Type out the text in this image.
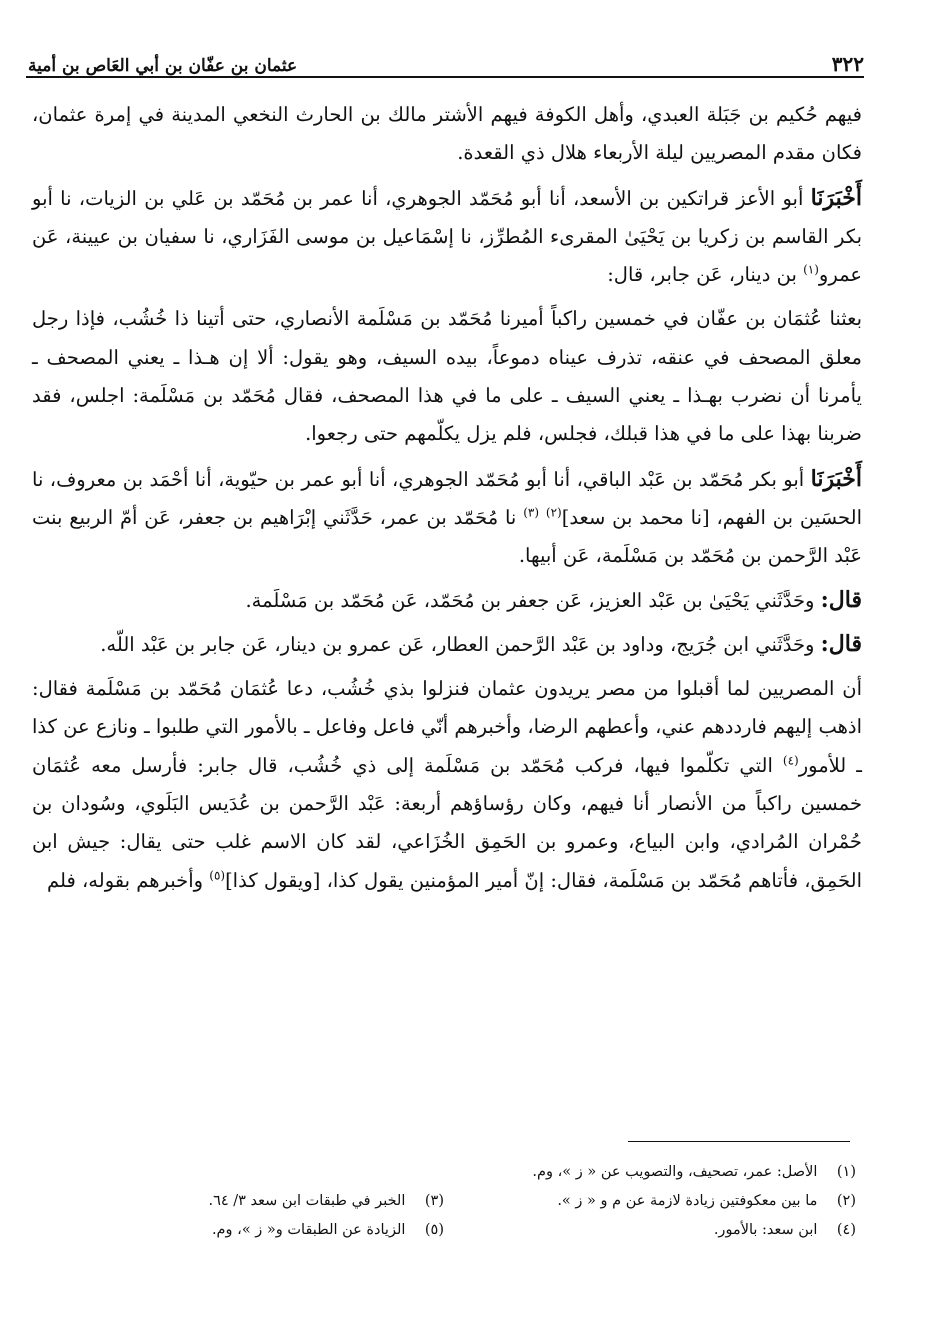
٣٢٢
عثمان بن عفّان بن أبي العَاص بن أمية

فيهم حُكيم بن جَبَلة العبدي، وأهل الكوفة فيهم الأشتر مالك بن الحارث النخعي المدينة في إمرة عثمان، فكان مقدم المصريين ليلة الأربعاء هلال ذي القعدة.

أَخْبَرَنَا أبو الأعز قراتكين بن الأسعد، أنا أبو مُحَمّد الجوهري، أنا عمر بن مُحَمّد بن عَلي بن الزيات، نا أبو بكر القاسم بن زكريا بن يَحْيَىٰ المقرىء المُطرِّز، نا إسْمَاعيل بن موسى الفَزَاري، نا سفيان بن عيينة، عَن عمرو$^{(١)}$ بن دينار، عَن جابر، قال:

بعثنا عُثمَان بن عفّان في خمسين راكباً أميرنا مُحَمّد بن مَسْلَمة الأنصاري، حتى أتينا ذا خُشُب، فإذا رجل معلق المصحف في عنقه، تذرف عيناه دموعاً، بيده السيف، وهو يقول: ألا إن هـذا ـ يعني المصحف ـ يأمرنا أن نضرب بهـذا ـ يعني السيف ـ على ما في هذا المصحف، فقال مُحَمّد بن مَسْلَمة: اجلس، فقد ضربنا بهذا على ما في هذا قبلك، فجلس، فلم يزل يكلّمهم حتى رجعوا.

أَخْبَرَنَا أبو بكر مُحَمّد بن عَبْد الباقي، أنا أبو مُحَمّد الجوهري، أنا أبو عمر بن حيّوية، أنا أحْمَد بن معروف، نا الحسَين بن الفهم، [نا محمد بن سعد]$^{(٢)}$ $^{(٣)}$ نا مُحَمّد بن عمر، حَدَّثَني إبْرَاهيم بن جعفر، عَن أمّ الربيع بنت عَبْد الرَّحمن بن مُحَمّد بن مَسْلَمة، عَن أبيها.

قال: وحَدَّثَني يَحْيَىٰ بن عَبْد العزيز، عَن جعفر بن مُحَمّد، عَن مُحَمّد بن مَسْلَمة.

قال: وحَدَّثَني ابن جُرَيج، وداود بن عَبْد الرَّحمن العطار، عَن عمرو بن دينار، عَن جابر بن عَبْد اللّه.

أن المصريين لما أقبلوا من مصر يريدون عثمان فنزلوا بذي خُشُب، دعا عُثمَان مُحَمّد بن مَسْلَمة فقال: اذهب إليهم فارددهم عني، وأعطهم الرضا، وأخبرهم أنّي فاعل وفاعل ـ بالأمور التي طلبوا ـ ونازع عن كذا ـ للأمور$^{(٤)}$ التي تكلّموا فيها، فركب مُحَمّد بن مَسْلَمة إلى ذي خُشُب، قال جابر: فأرسل معه عُثمَان خمسين راكباً من الأنصار أنا فيهم، وكان رؤساؤهم أربعة: عَبْد الرَّحمن بن عُدَيس البَلَوي، وسُودان بن حُمْران المُرادي، وابن البياع، وعمرو بن الحَمِق الخُزَاعي، لقد كان الاسم غلب حتى يقال: جيش ابن الحَمِق، فأتاهم مُحَمّد بن مَسْلَمة، فقال: إنّ أمير المؤمنين يقول كذا، [ويقول كذا]$^{(٥)}$ وأخبرهم بقوله، فلم

(١) الأصل: عمر، تصحيف، والتصويب عن « ز »، وم.
(٢) ما بين معكوفتين زيادة لازمة عن م و « ز ».
(٣) الخبر في طبقات ابن سعد ٣/ ٦٤.
(٤) ابن سعد: بالأمور.
(٥) الزيادة عن الطبقات و« ز »، وم.
